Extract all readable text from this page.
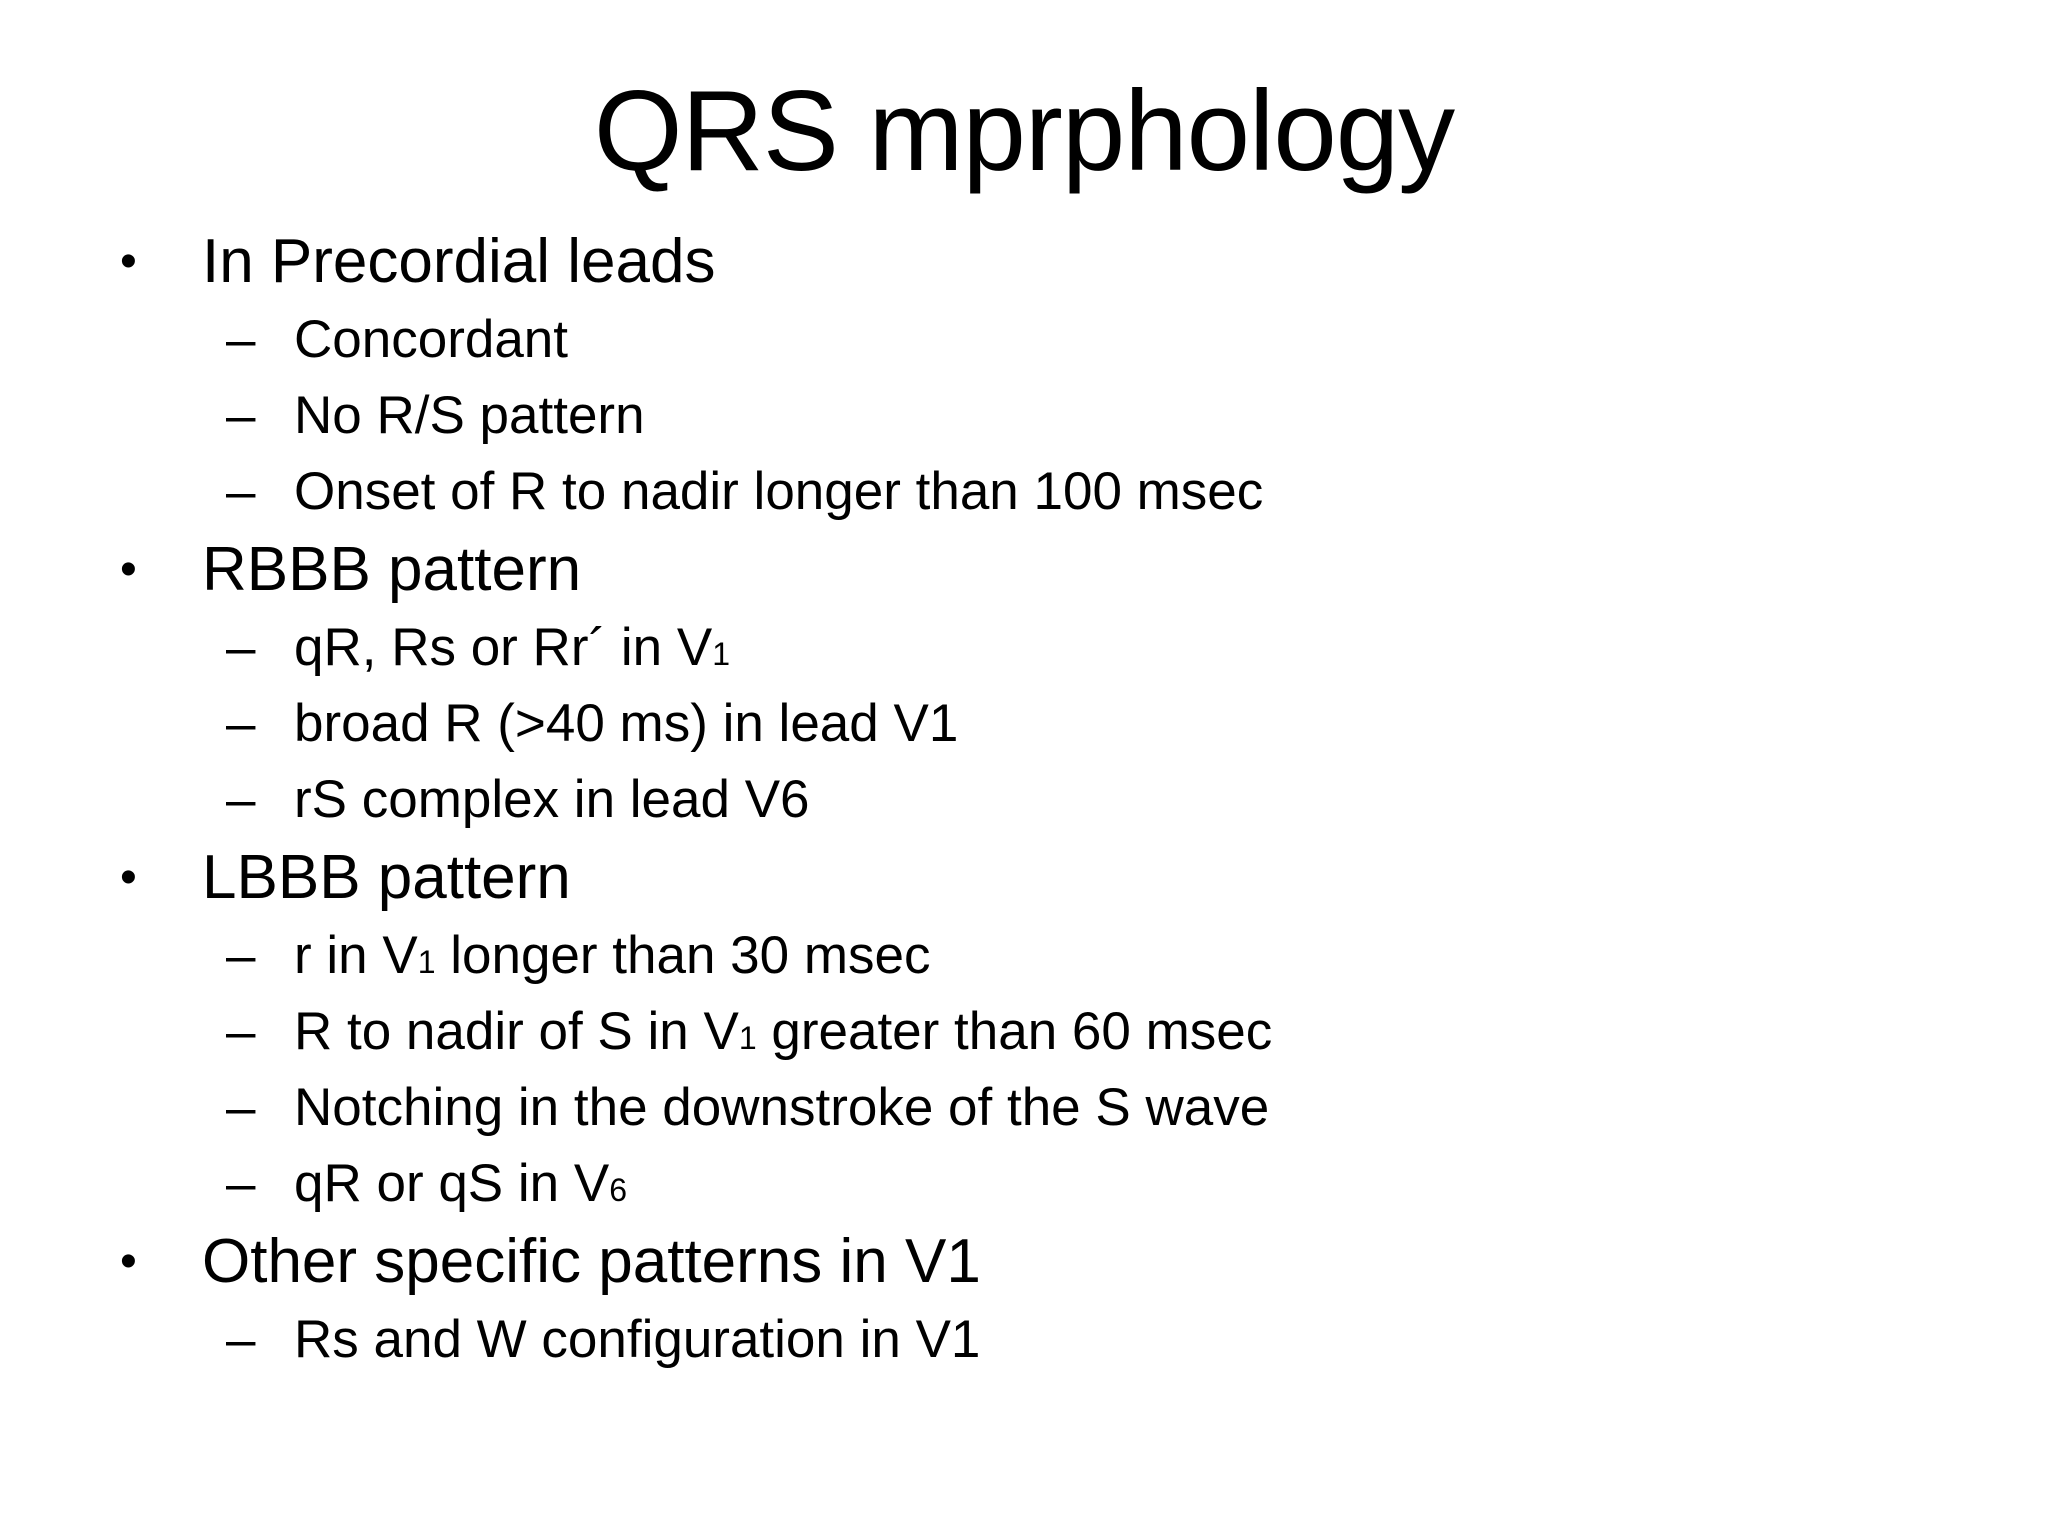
QRS mprphology
•	In Precordial leads
– Concordant
– No R/S pattern
– Onset of R to nadir longer than 100 msec
•	RBBB pattern
– qR, Rs or Rr´ in V1
– broad R (>40 ms) in lead V1
– rS complex in lead V6
•	LBBB pattern
– r in V1 longer than 30 msec
– R to nadir of S in V1 greater than 60 msec
– Notching in the downstroke of the S wave
– qR or qS in V6
•	Other specific patterns in V1
– Rs and W configuration in V1
